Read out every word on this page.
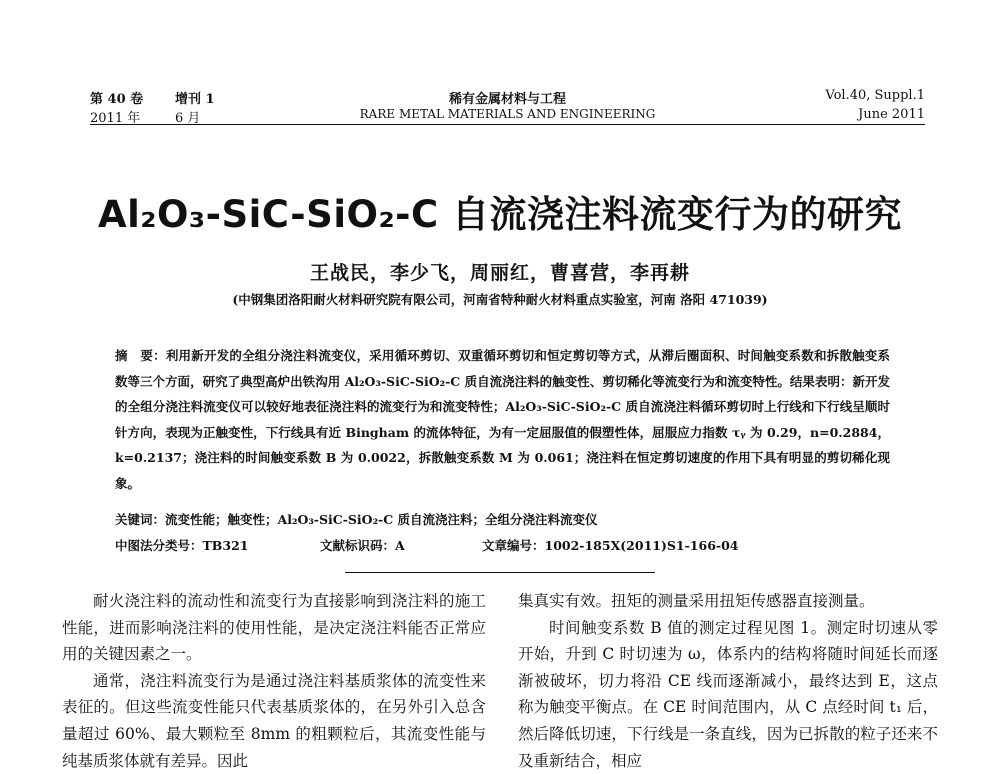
第 40 卷 增刊 1	稀有金属材料与工程	Vol.40, Suppl.1
2011 年	6 月	RARE METAL MATERIALS AND ENGINEERING	June 2011
Al₂O₃-SiC-SiO₂-C 自流浇注料流变行为的研究
王战民，李少飞，周丽红，曹喜营，李再耕
(中钢集团洛阳耐火材料研究院有限公司，河南省特种耐火材料重点实验室，河南 洛阳 471039)

摘　要：利用新开发的全组分浇注料流变仪，采用循环剪切、双重循环剪切和恒定剪切等方式，从滞后圈面积、时间触变系数和拆散触变系数等三个方面，研究了典型高炉出铁沟用 Al₂O₃-SiC-SiO₂-C 质自流浇注料的触变性、剪切稀化等流变行为和流变特性。结果表明：新开发的全组分浇注料流变仪可以较好地表征浇注料的流变行为和流变特性；Al₂O₃-SiC-SiO₂-C 质自流浇注料循环剪切时上行线和下行线呈顺时针方向，表现为正触变性，下行线具有近 Bingham 的流体特征，为有一定屈服值的假塑性体，屈服应力指数 τᵧ 为 0.29，n=0.2884，k=0.2137；浇注料的时间触变系数 B 为 0.0022，拆散触变系数 M 为 0.061；浇注料在恒定剪切速度的作用下具有明显的剪切稀化现象。

关键词：流变性能；触变性；Al₂O₃-SiC-SiO₂-C 质自流浇注料；全组分浇注料流变仪
中图法分类号：TB321	文献标识码：A	文章编号：1002-185X(2011)S1-166-04

耐火浇注料的流动性和流变行为直接影响到浇注料的施工性能，进而影响浇注料的使用性能，是决定浇注料能否正常应用的关键因素之一。

通常，浇注料流变行为是通过浇注料基质浆体的流变性来表征的。但这些流变性能只代表基质浆体的，在另外引入总含量超过 60%、最大颗粒至 8mm 的粗颗粒后，其流变性能与纯基质浆体就有差异。因此

集真实有效。扭矩的测量采用扭矩传感器直接测量。

时间触变系数 B 值的测定过程见图 1。测定时切速从零开始，升到 C 时切速为 ω，体系内的结构将随时间延长而逐渐被破坏，切力将沿 CE 线而逐渐减小，最终达到 E，这点称为触变平衡点。在 CE 时间范围内，从 C 点经时间 t₁ 后，然后降低切速，下行线是一条直线，因为已拆散的粒子还来不及重新结合，相应
